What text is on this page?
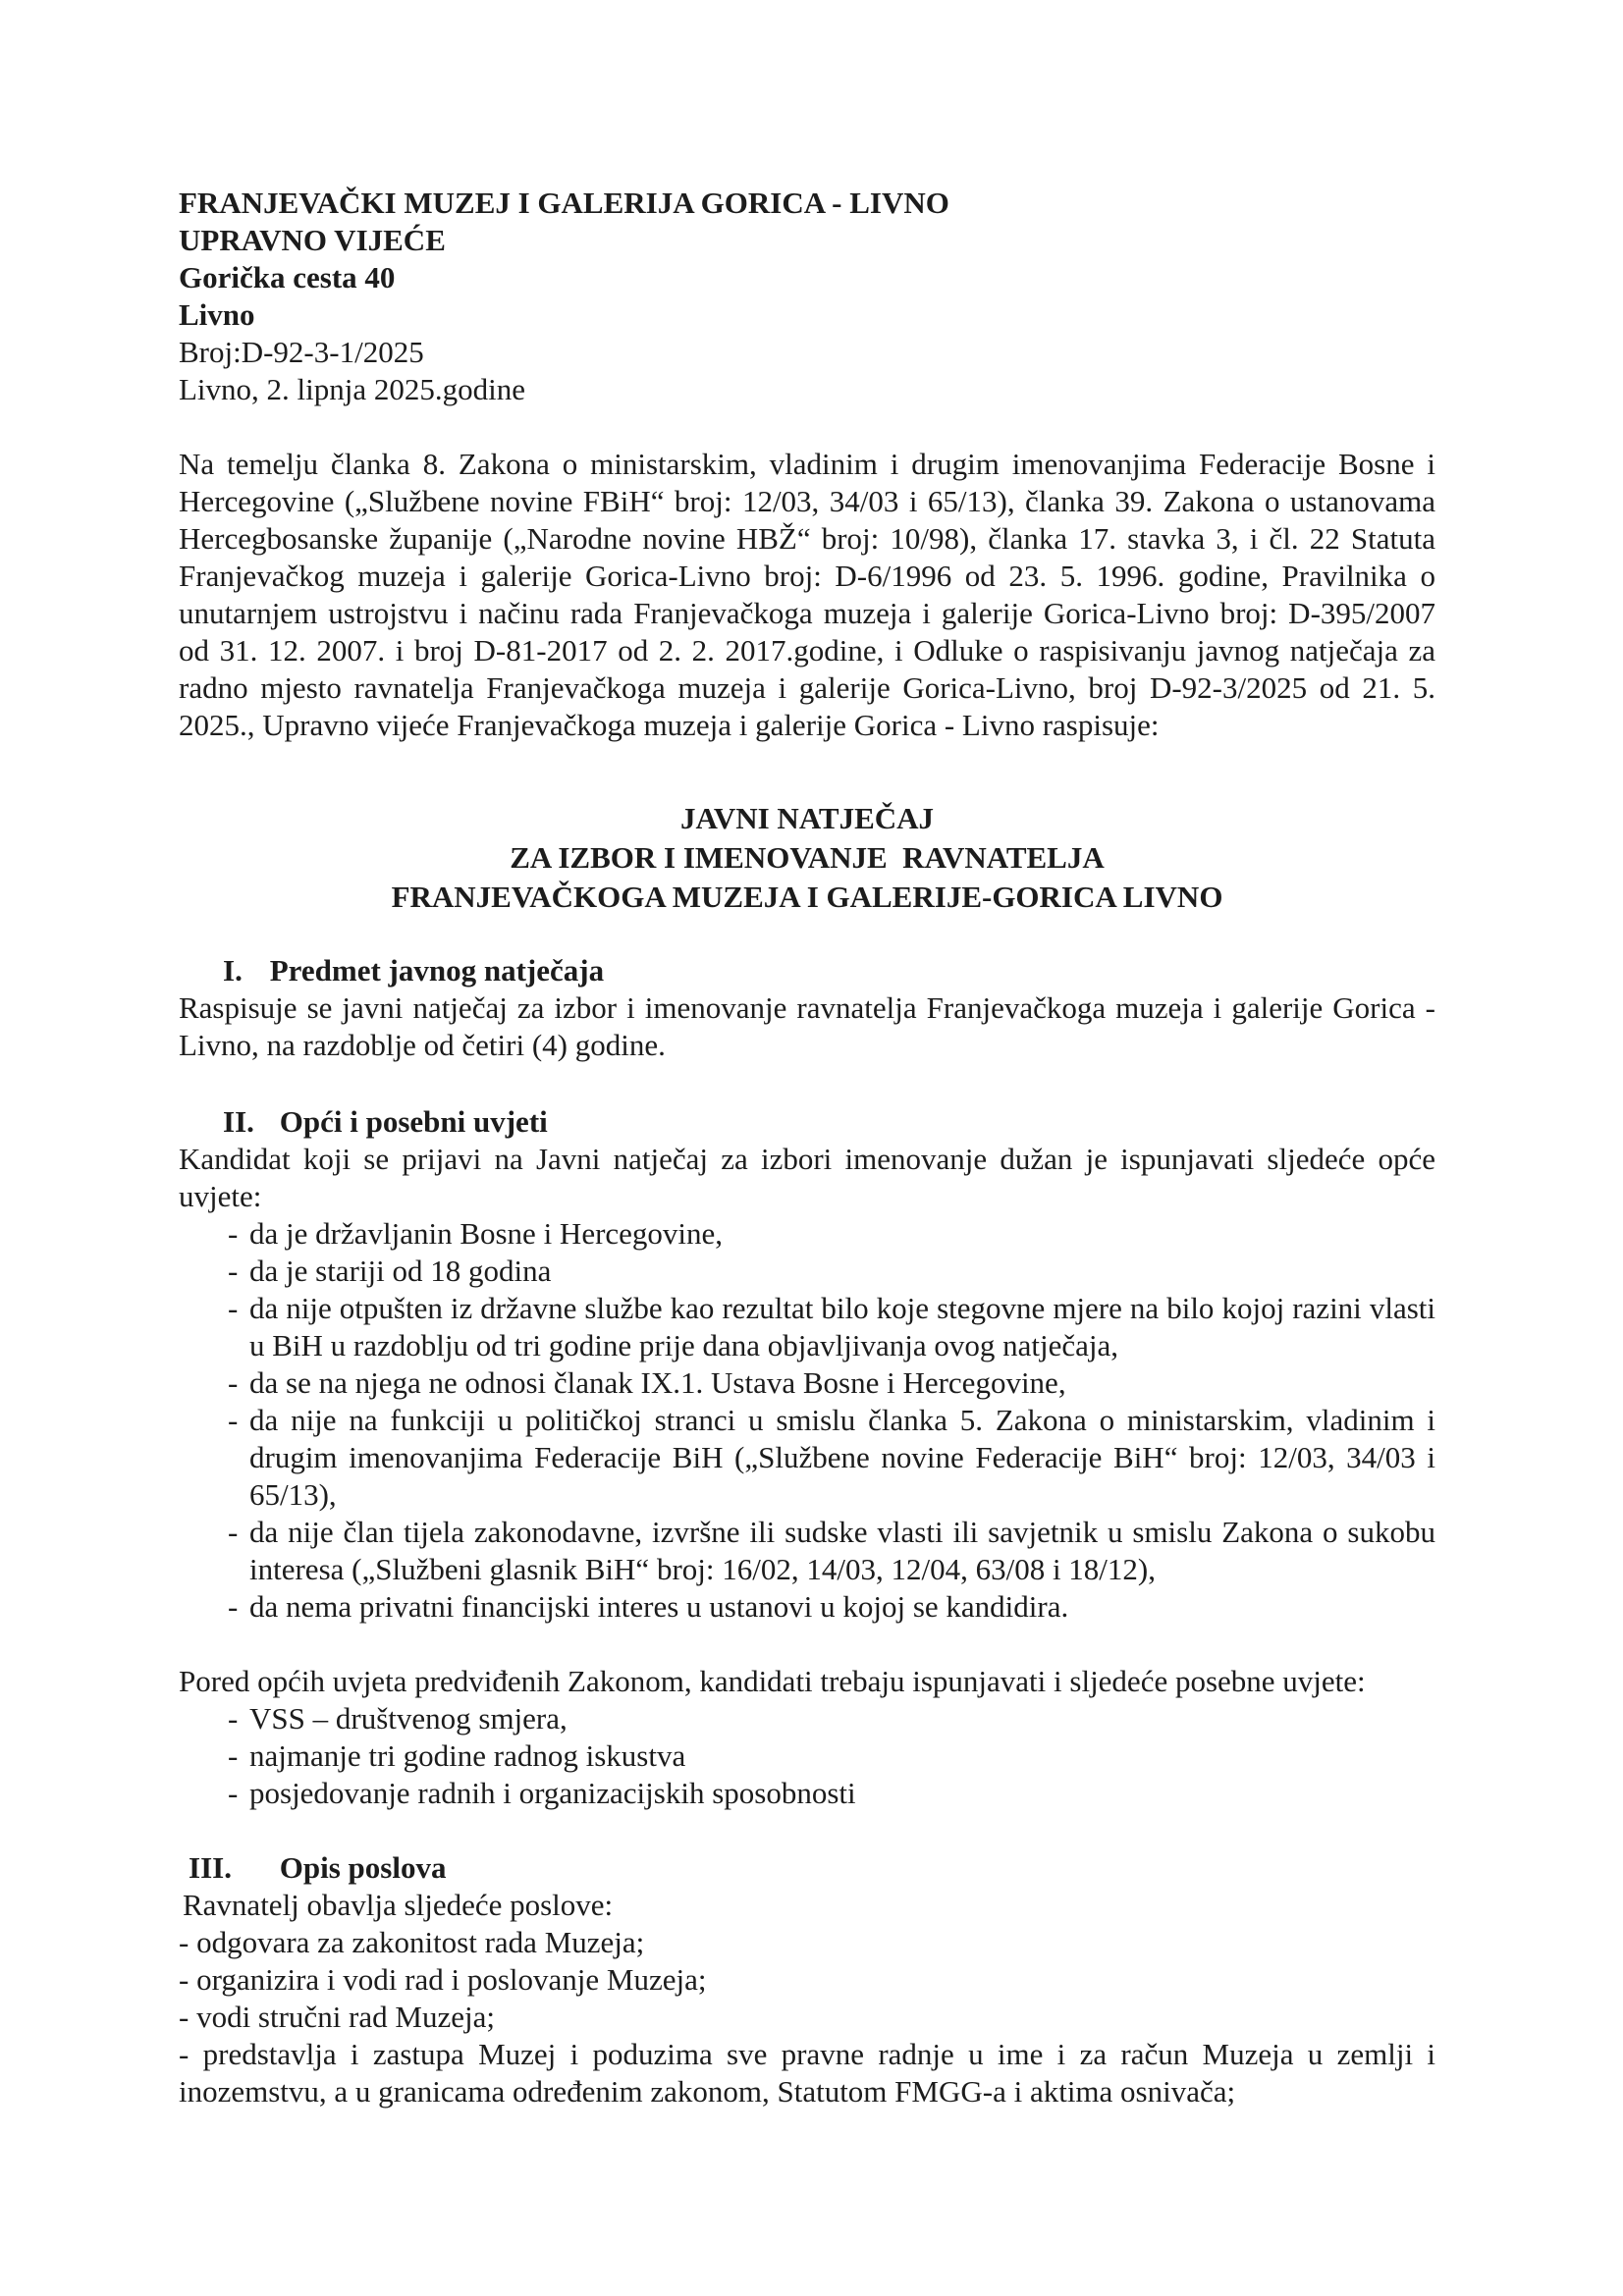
FRANJEVAČKI MUZEJ I GALERIJA GORICA - LIVNO
UPRAVNO VIJEĆE
Gorička cesta 40
Livno
Broj:D-92-3-1/2025
Livno, 2. lipnja 2025.godine
Na temelju članka 8. Zakona o ministarskim, vladinim i drugim imenovanjima Federacije Bosne i Hercegovine („Službene novine FBiH“ broj: 12/03, 34/03 i 65/13), članka 39. Zakona o ustanovama Hercegbosanske županije („Narodne novine HBŽ“ broj: 10/98), članka 17. stavka 3, i čl. 22 Statuta Franjevačkog muzeja i galerije Gorica-Livno broj: D-6/1996 od 23. 5. 1996. godine, Pravilnika o unutarnjem ustrojstvu i načinu rada Franjevačkoga muzeja i galerije Gorica-Livno broj: D-395/2007 od 31. 12. 2007. i broj D-81-2017 od 2. 2. 2017.godine, i Odluke o raspisivanju javnog natječaja za radno mjesto ravnatelja Franjevačkoga muzeja i galerije Gorica-Livno, broj D-92-3/2025 od 21. 5. 2025., Upravno vijeće Franjevačkoga muzeja i galerije Gorica - Livno raspisuje:
JAVNI NATJEČAJ
ZA IZBOR I IMENOVANJE  RAVNATELJA
FRANJEVAČKOGA MUZEJA I GALERIJE-GORICA LIVNO
I. Predmet javnog natječaja
Raspisuje se javni natječaj za izbor i imenovanje ravnatelja Franjevačkoga muzeja i galerije Gorica - Livno, na razdoblje od četiri (4) godine.
II. Opći i posebni uvjeti
Kandidat koji se prijavi na Javni natječaj za izbori imenovanje dužan je ispunjavati sljedeće opće uvjete:
- da je državljanin Bosne i Hercegovine,
- da je stariji od 18 godina
- da nije otpušten iz državne službe kao rezultat bilo koje stegovne mjere na bilo kojoj razini vlasti u BiH u razdoblju od tri godine prije dana objavljivanja ovog natječaja,
- da se na njega ne odnosi članak IX.1. Ustava Bosne i Hercegovine,
- da nije na funkciji u političkoj stranci u smislu članka 5. Zakona o ministarskim, vladinim i drugim imenovanjima Federacije BiH („Službene novine Federacije BiH“ broj: 12/03, 34/03 i 65/13),
- da nije član tijela zakonodavne, izvršne ili sudske vlasti ili savjetnik u smislu Zakona o sukobu interesa („Službeni glasnik BiH“ broj: 16/02, 14/03, 12/04, 63/08 i 18/12),
- da nema privatni financijski interes u ustanovi u kojoj se kandidira.
Pored općih uvjeta predviđenih Zakonom, kandidati trebaju ispunjavati i sljedeće posebne uvjete:
- VSS – društvenog smjera,
- najmanje tri godine radnog iskustva
- posjedovanje radnih i organizacijskih sposobnosti
III. Opis poslova
Ravnatelj obavlja sljedeće poslove:
- odgovara za zakonitost rada Muzeja;
- organizira i vodi rad i poslovanje Muzeja;
- vodi stručni rad Muzeja;
- predstavlja i zastupa Muzej i poduzima sve pravne radnje u ime i za račun Muzeja u zemlji i inozemstvu, a u granicama određenim zakonom, Statutom FMGG-a i aktima osnivača;
